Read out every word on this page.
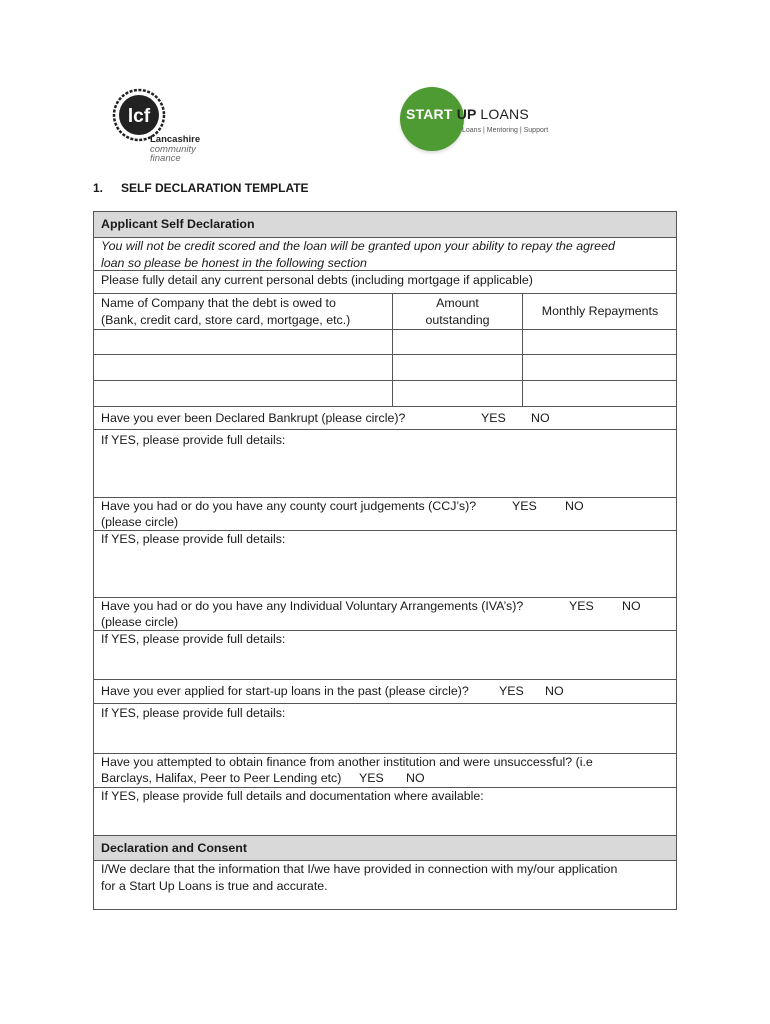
lcf
Lancashire
community
finance
START UP LOANS
Loans | Mentoring | Support
1. SELF DECLARATION TEMPLATE
Applicant Self Declaration
You will not be credit scored and the loan will be granted upon your ability to repay the agreed
loan so please be honest in the following section
Please fully detail any current personal debts (including mortgage if applicable)
Name of Company that the debt is owed to
(Bank, credit card, store card, mortgage, etc.)
Amount
outstanding
Monthly Repayments
Have you ever been Declared Bankrupt (please circle)?	YES NO
If YES, please provide full details:
Have you had or do you have any county court judgements (CCJ’s)?
(please circle)
YES NO
If YES, please provide full details:
Have you had or do you have any Individual Voluntary Arrangements (IVA’s)?
(please circle)
YES NO
If YES, please provide full details:
Have you ever applied for start-up loans in the past (please circle)? YES NO
If YES, please provide full details:
Have you attempted to obtain finance from another institution and were unsuccessful? (i.e
Barclays, Halifax, Peer to Peer Lending etc) YES NO
If YES, please provide full details and documentation where available:
Declaration and Consent
I/We declare that the information that I/we have provided in connection with my/our application
for a Start Up Loans is true and accurate.
